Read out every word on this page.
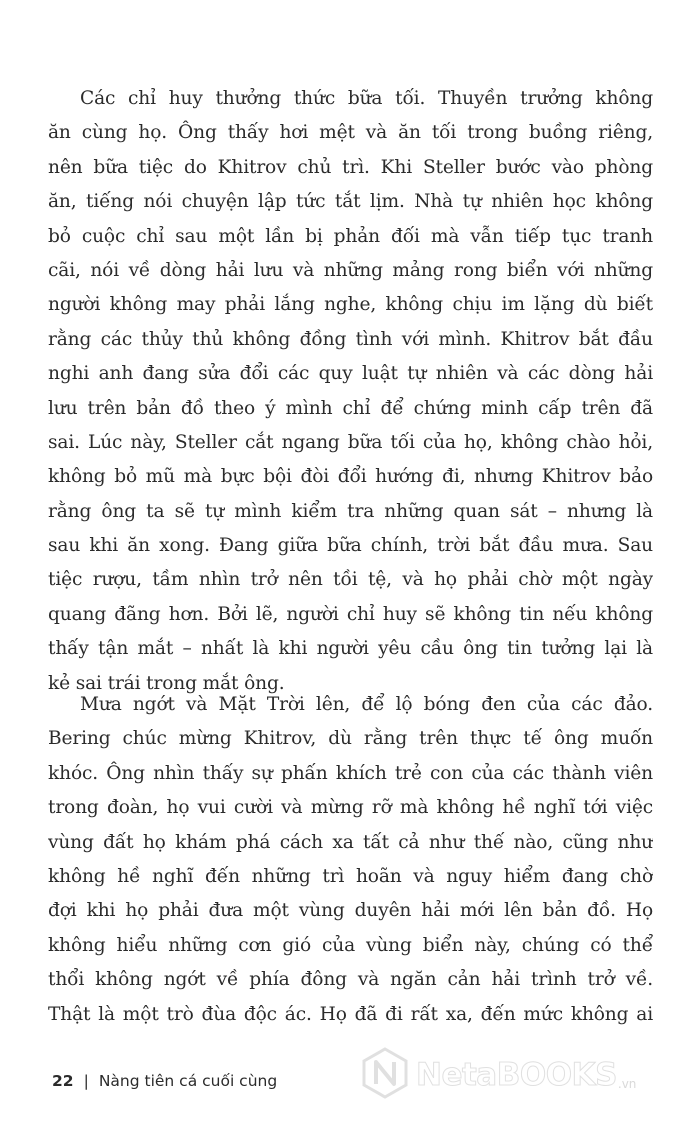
Các chỉ huy thưởng thức bữa tối. Thuyền trưởng không
ăn cùng họ. Ông thấy hơi mệt và ăn tối trong buồng riêng,
nên bữa tiệc do Khitrov chủ trì. Khi Steller bước vào phòng
ăn, tiếng nói chuyện lập tức tắt lịm. Nhà tự nhiên học không
bỏ cuộc chỉ sau một lần bị phản đối mà vẫn tiếp tục tranh
cãi, nói về dòng hải lưu và những mảng rong biển với những
người không may phải lắng nghe, không chịu im lặng dù biết
rằng các thủy thủ không đồng tình với mình. Khitrov bắt đầu
nghi anh đang sửa đổi các quy luật tự nhiên và các dòng hải
lưu trên bản đồ theo ý mình chỉ để chứng minh cấp trên đã
sai. Lúc này, Steller cắt ngang bữa tối của họ, không chào hỏi,
không bỏ mũ mà bực bội đòi đổi hướng đi, nhưng Khitrov bảo
rằng ông ta sẽ tự mình kiểm tra những quan sát – nhưng là
sau khi ăn xong. Đang giữa bữa chính, trời bắt đầu mưa. Sau
tiệc rượu, tầm nhìn trở nên tồi tệ, và họ phải chờ một ngày
quang đãng hơn. Bởi lẽ, người chỉ huy sẽ không tin nếu không
thấy tận mắt – nhất là khi người yêu cầu ông tin tưởng lại là
kẻ sai trái trong mắt ông.
Mưa ngớt và Mặt Trời lên, để lộ bóng đen của các đảo.
Bering chúc mừng Khitrov, dù rằng trên thực tế ông muốn
khóc. Ông nhìn thấy sự phấn khích trẻ con của các thành viên
trong đoàn, họ vui cười và mừng rỡ mà không hề nghĩ tới việc
vùng đất họ khám phá cách xa tất cả như thế nào, cũng như
không hề nghĩ đến những trì hoãn và nguy hiểm đang chờ
đợi khi họ phải đưa một vùng duyên hải mới lên bản đồ. Họ
không hiểu những cơn gió của vùng biển này, chúng có thể
thổi không ngớt về phía đông và ngăn cản hải trình trở về.
Thật là một trò đùa độc ác. Họ đã đi rất xa, đến mức không ai
22 | Nàng tiên cá cuối cùng	NetaBOOKS .vn
